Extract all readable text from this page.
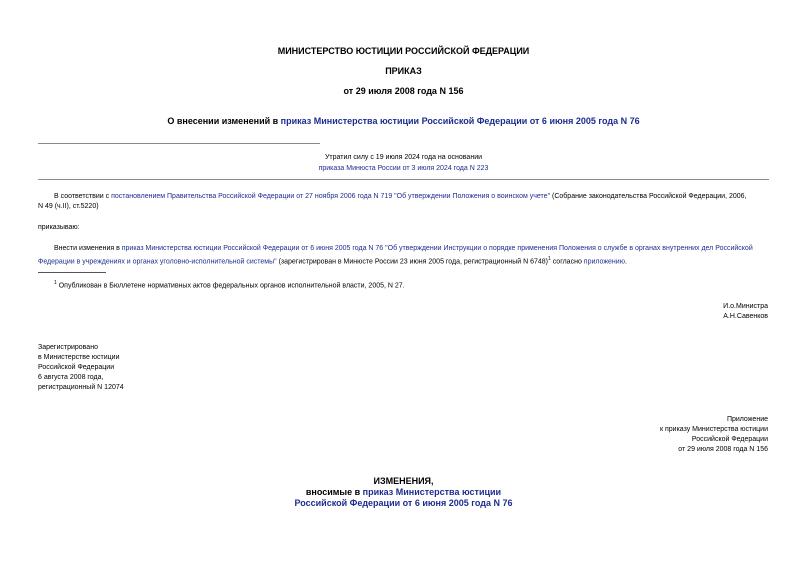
МИНИСТЕРСТВО ЮСТИЦИИ РОССИЙСКОЙ ФЕДЕРАЦИИ
ПРИКАЗ
от 29 июля 2008 года N 156
О внесении изменений в приказ Министерства юстиции Российской Федерации от 6 июня 2005 года N 76
Утратил силу с 19 июля 2024 года на основании
приказа Минюста России от 3 июля 2024 года N 223
В соответствии с постановлением Правительства Российской Федерации от 27 ноября 2006 года N 719 "Об утверждении Положения о воинском учете" (Собрание законодательства Российской Федерации, 2006,
N 49 (ч.II), ст.5220)
приказываю:
Внести изменения в приказ Министерства юстиции Российской Федерации от 6 июня 2005 года N 76 "Об утверждении Инструкции о порядке применения Положения о службе в органах внутренних дел Российской
Федерации в учреждениях и органах уголовно-исполнительной системы" (зарегистрирован в Минюсте России 23 июня 2005 года, регистрационный N 6748)$^1$ согласно приложению.
$^1$ Опубликован в Бюллетене нормативных актов федеральных органов исполнительной власти, 2005, N 27.
И.о.Министра
А.Н.Савенков
Зарегистрировано
в Министерстве юстиции
Российской Федерации
6 августа 2008 года,
регистрационный N 12074
Приложение
к приказу Министерства юстиции
Российской Федерации
от 29 июля 2008 года N 156
ИЗМЕНЕНИЯ,
вносимые в приказ Министерства юстиции
Российской Федерации от 6 июня 2005 года N 76
